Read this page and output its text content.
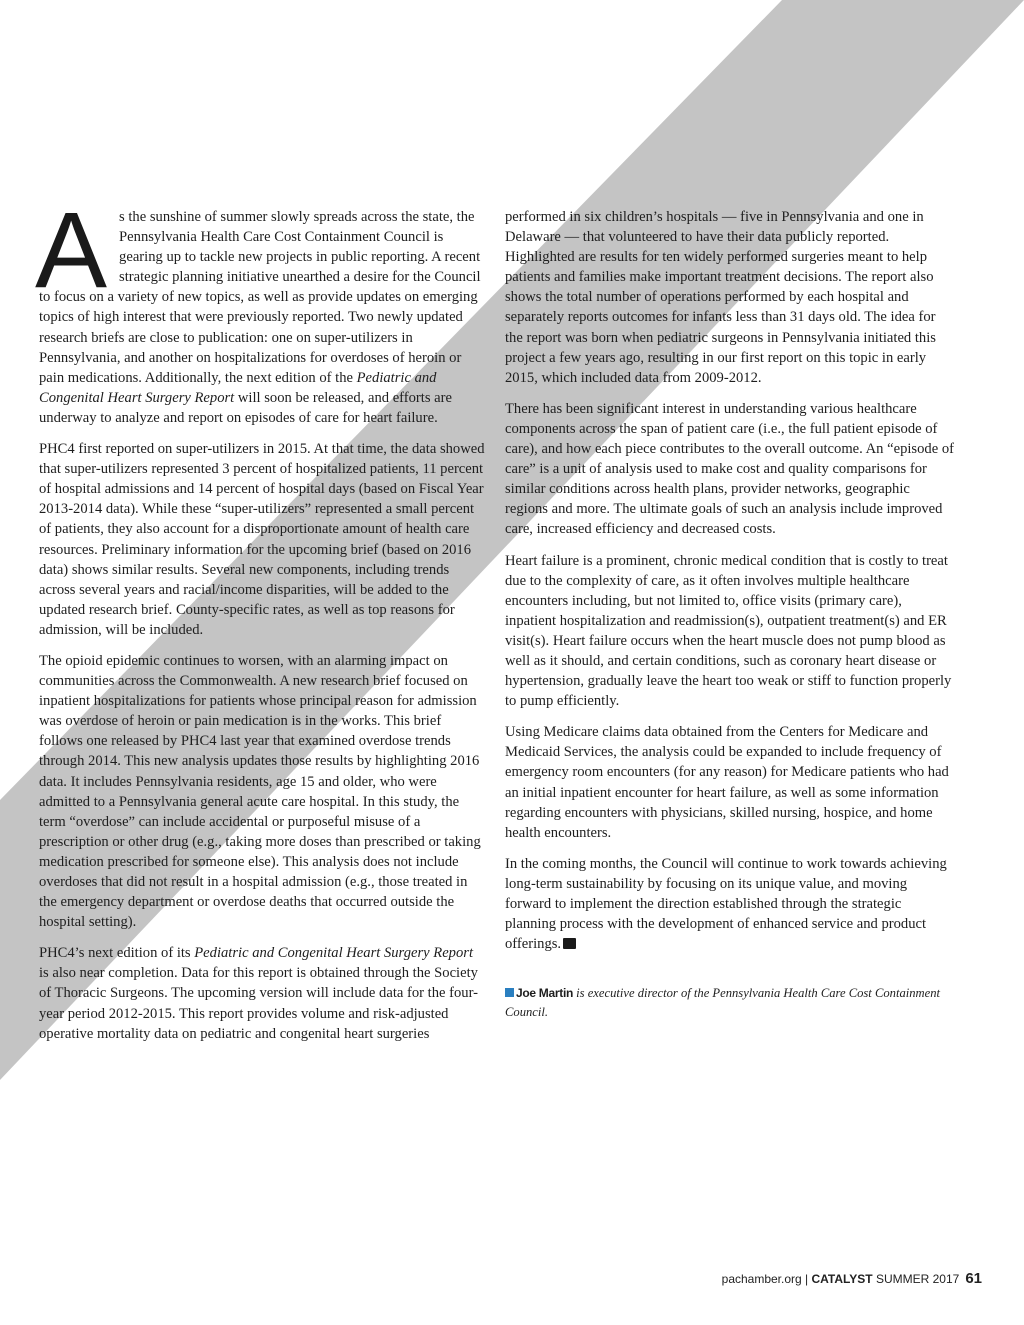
As the sunshine of summer slowly spreads across the state, the Pennsylvania Health Care Cost Containment Council is gearing up to tackle new projects in public reporting. A recent strategic planning initiative unearthed a desire for the Council to focus on a variety of new topics, as well as provide updates on emerging topics of high interest that were previously reported. Two newly updated research briefs are close to publication: one on super-utilizers in Pennsylvania, and another on hospitalizations for overdoses of heroin or pain medications. Additionally, the next edition of the Pediatric and Congenital Heart Surgery Report will soon be released, and efforts are underway to analyze and report on episodes of care for heart failure.

PHC4 first reported on super-utilizers in 2015. At that time, the data showed that super-utilizers represented 3 percent of hospitalized patients, 11 percent of hospital admissions and 14 percent of hospital days (based on Fiscal Year 2013-2014 data). While these “super-utilizers” represented a small percent of patients, they also account for a disproportionate amount of health care resources. Preliminary information for the upcoming brief (based on 2016 data) shows similar results. Several new components, including trends across several years and racial/income disparities, will be added to the updated research brief. County-specific rates, as well as top reasons for admission, will be included.

The opioid epidemic continues to worsen, with an alarming impact on communities across the Commonwealth. A new research brief focused on inpatient hospitalizations for patients whose principal reason for admission was overdose of heroin or pain medication is in the works. This brief follows one released by PHC4 last year that examined overdose trends through 2014. This new analysis updates those results by highlighting 2016 data. It includes Pennsylvania residents, age 15 and older, who were admitted to a Pennsylvania general acute care hospital. In this study, the term “overdose” can include accidental or purposeful misuse of a prescription or other drug (e.g., taking more doses than prescribed or taking medication prescribed for someone else). This analysis does not include overdoses that did not result in a hospital admission (e.g., those treated in the emergency department or overdose deaths that occurred outside the hospital setting).

PHC4’s next edition of its Pediatric and Congenital Heart Surgery Report is also near completion. Data for this report is obtained through the Society of Thoracic Surgeons. The upcoming version will include data for the four-year period 2012-2015. This report provides volume and risk-adjusted operative mortality data on pediatric and congenital heart surgeries

performed in six children’s hospitals — five in Pennsylvania and one in Delaware — that volunteered to have their data publicly reported. Highlighted are results for ten widely performed surgeries meant to help patients and families make important treatment decisions. The report also shows the total number of operations performed by each hospital and separately reports outcomes for infants less than 31 days old. The idea for the report was born when pediatric surgeons in Pennsylvania initiated this project a few years ago, resulting in our first report on this topic in early 2015, which included data from 2009-2012.

There has been significant interest in understanding various healthcare components across the span of patient care (i.e., the full patient episode of care), and how each piece contributes to the overall outcome. An “episode of care” is a unit of analysis used to make cost and quality comparisons for similar conditions across health plans, provider networks, geographic regions and more. The ultimate goals of such an analysis include improved care, increased efficiency and decreased costs.

Heart failure is a prominent, chronic medical condition that is costly to treat due to the complexity of care, as it often involves multiple healthcare encounters including, but not limited to, office visits (primary care), inpatient hospitalization and readmission(s), outpatient treatment(s) and ER visit(s). Heart failure occurs when the heart muscle does not pump blood as well as it should, and certain conditions, such as coronary heart disease or hypertension, gradually leave the heart too weak or stiff to function properly to pump efficiently.

Using Medicare claims data obtained from the Centers for Medicare and Medicaid Services, the analysis could be expanded to include frequency of emergency room encounters (for any reason) for Medicare patients who had an initial inpatient encounter for heart failure, as well as some information regarding encounters with physicians, skilled nursing, hospice, and home health encounters.

In the coming months, the Council will continue to work towards achieving long-term sustainability by focusing on its unique value, and moving forward to implement the direction established through the strategic planning process with the development of enhanced service and product offerings.

Joe Martin is executive director of the Pennsylvania Health Care Cost Containment Council.
pachamber.org | CATALYST SUMMER 2017 61
